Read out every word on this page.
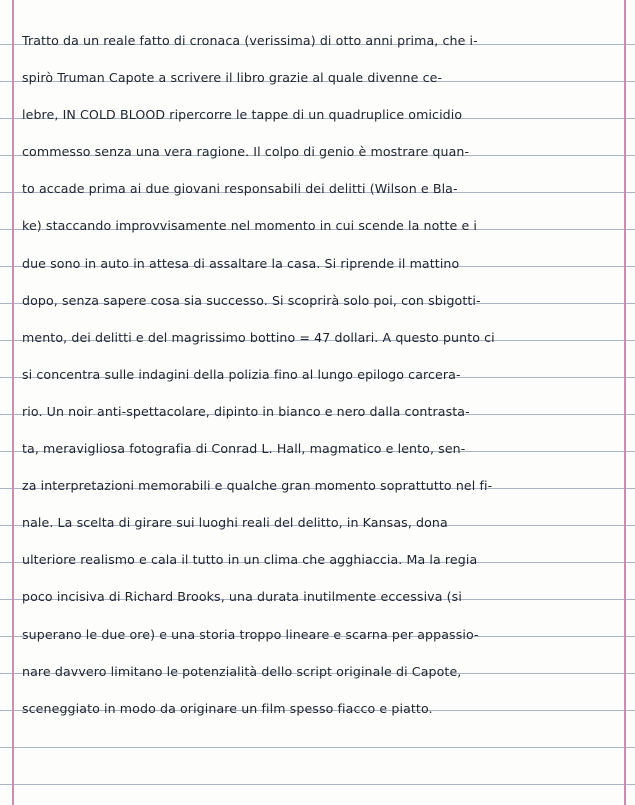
Tratto da un reale fatto di cronaca (verissima) di otto anni prima, che i-
spirò Truman Capote a scrivere il libro grazie al quale divenne ce-
lebre, IN COLD BLOOD ripercorre le tappe di un quadruplice omicidio
commesso senza una vera ragione. Il colpo di genio è mostrare quan-
to accade prima ai due giovani responsabili dei delitti (Wilson e Bla-
ke) staccando improvvisamente nel momento in cui scende la notte e i
due sono in auto in attesa di assaltare la casa. Si riprende il mattino
dopo, senza sapere cosa sia successo. Si scoprirà solo poi, con sbigotti-
mento, dei delitti e del magrissimo bottino = 47 dollari. A questo punto ci
si concentra sulle indagini della polizia fino al lungo epilogo carcera-
rio. Un noir anti-spettacolare, dipinto in bianco e nero dalla contrasta-
ta, meravigliosa fotografia di Conrad L. Hall, magmatico e lento, sen-
za interpretazioni memorabili e qualche gran momento soprattutto nel fi-
nale. La scelta di girare sui luoghi reali del delitto, in Kansas, dona
ulteriore realismo e cala il tutto in un clima che agghiaccia. Ma la regia
poco incisiva di Richard Brooks, una durata inutilmente eccessiva (si
superano le due ore) e una storia troppo lineare e scarna per appassio-
nare davvero limitano le potenzialità dello script originale di Capote,
sceneggiato in modo da originare un film spesso fiacco e piatto.
